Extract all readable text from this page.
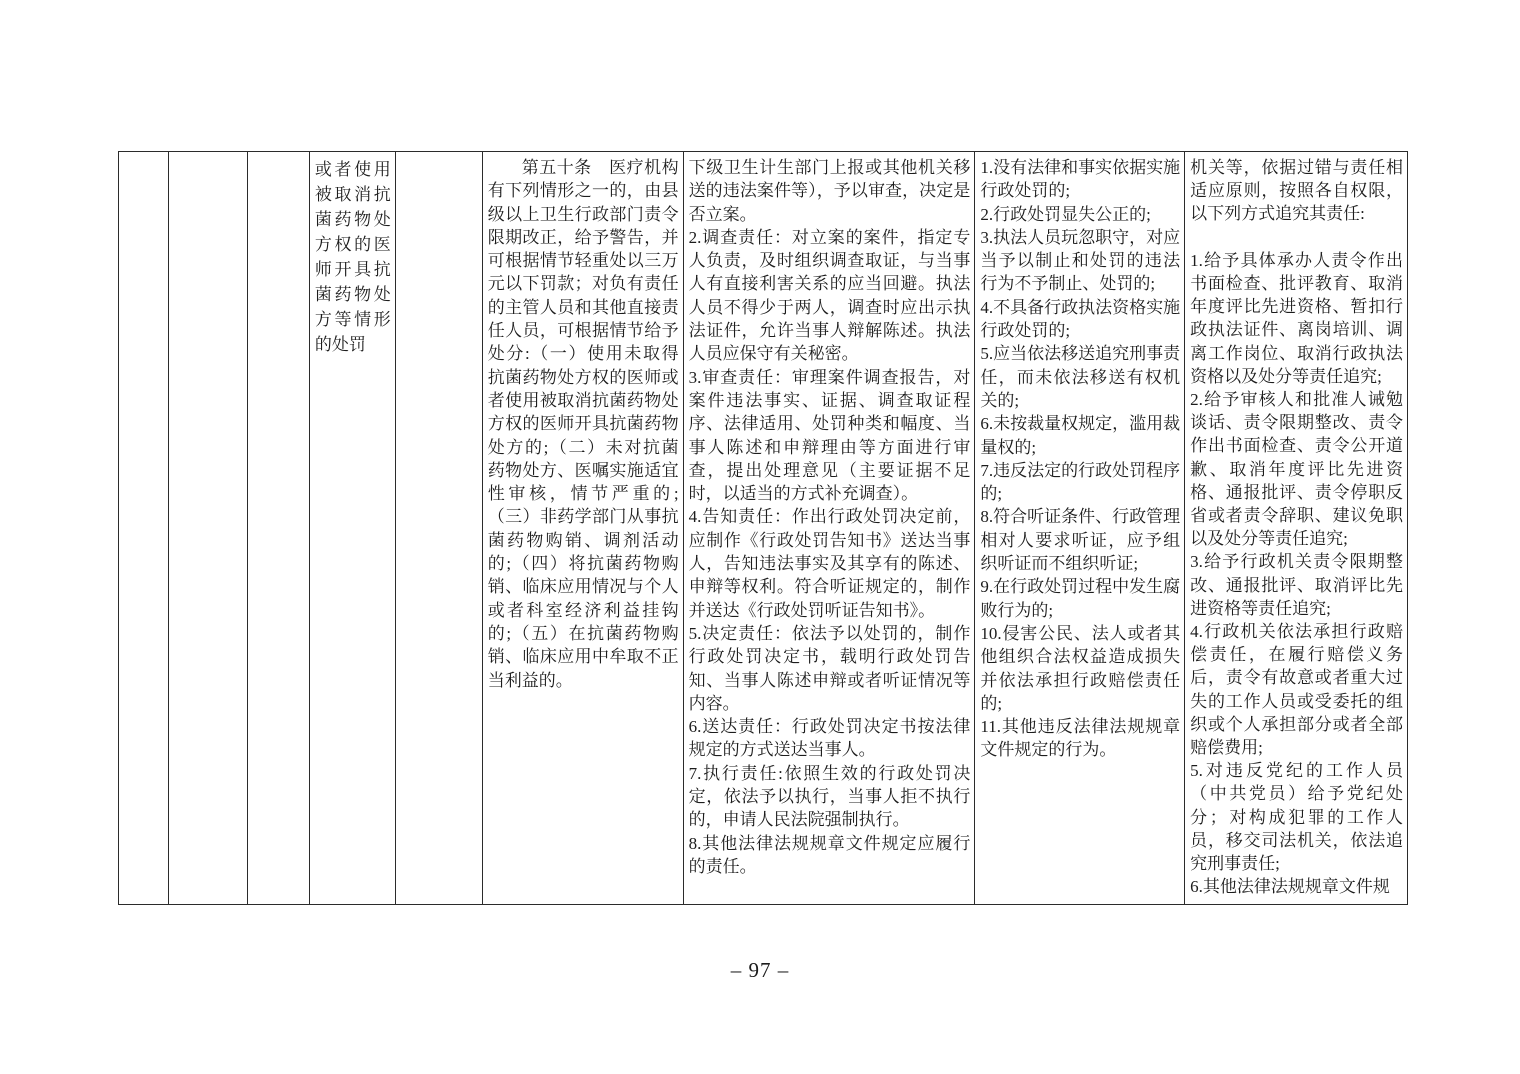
或者使用被取消抗菌药物处方权的医师开具抗菌药物处方等情形的处罚

第五十条　医疗机构有下列情形之一的，由县级以上卫生行政部门责令限期改正，给予警告，并可根据情节轻重处以三万元以下罚款；对负有责任的主管人员和其他直接责任人员，可根据情节给予处分:（一）使用未取得抗菌药物处方权的医师或者使用被取消抗菌药物处方权的医师开具抗菌药物处方的;（二）未对抗菌药物处方、医嘱实施适宜性审核，情节严重的;（三）非药学部门从事抗菌药物购销、调剂活动的;（四）将抗菌药物购销、临床应用情况与个人或者科室经济利益挂钩的;（五）在抗菌药物购销、临床应用中牟取不正当利益的。

下级卫生计生部门上报或其他机关移送的违法案件等），予以审查，决定是否立案。

2.调查责任：对立案的案件，指定专人负责，及时组织调查取证，与当事人有直接利害关系的应当回避。执法人员不得少于两人，调查时应出示执法证件，允许当事人辩解陈述。执法人员应保守有关秘密。

3.审查责任：审理案件调查报告，对案件违法事实、证据、调查取证程序、法律适用、处罚种类和幅度、当事人陈述和申辩理由等方面进行审查，提出处理意见（主要证据不足时，以适当的方式补充调查）。

4.告知责任：作出行政处罚决定前，应制作《行政处罚告知书》送达当事人，告知违法事实及其享有的陈述、申辩等权利。符合听证规定的，制作并送达《行政处罚听证告知书》。

5.决定责任：依法予以处罚的，制作行政处罚决定书，载明行政处罚告知、当事人陈述申辩或者听证情况等内容。

6.送达责任：行政处罚决定书按法律规定的方式送达当事人。

7.执行责任:依照生效的行政处罚决定，依法予以执行，当事人拒不执行的，申请人民法院强制执行。

8.其他法律法规规章文件规定应履行的责任。

1.没有法律和事实依据实施行政处罚的;

2.行政处罚显失公正的;

3.执法人员玩忽职守，对应当予以制止和处罚的违法行为不予制止、处罚的;

4.不具备行政执法资格实施行政处罚的;

5.应当依法移送追究刑事责任，而未依法移送有权机关的;

6.未按裁量权规定，滥用裁量权的;

7.违反法定的行政处罚程序的;

8.符合听证条件、行政管理相对人要求听证，应予组织听证而不组织听证;

9.在行政处罚过程中发生腐败行为的;

10.侵害公民、法人或者其他组织合法权益造成损失并依法承担行政赔偿责任的;

11.其他违反法律法规规章文件规定的行为。

机关等，依据过错与责任相适应原则，按照各自权限，以下列方式追究其责任:

1.给予具体承办人责令作出书面检查、批评教育、取消年度评比先进资格、暂扣行政执法证件、离岗培训、调离工作岗位、取消行政执法资格以及处分等责任追究;

2.给予审核人和批准人诫勉谈话、责令限期整改、责令作出书面检查、责令公开道歉、取消年度评比先进资格、通报批评、责令停职反省或者责令辞职、建议免职以及处分等责任追究;

3.给予行政机关责令限期整改、通报批评、取消评比先进资格等责任追究;

4.行政机关依法承担行政赔偿责任，在履行赔偿义务后，责令有故意或者重大过失的工作人员或受委托的组织或个人承担部分或者全部赔偿费用;

5.对违反党纪的工作人员（中共党员）给予党纪处分；对构成犯罪的工作人员，移交司法机关，依法追究刑事责任;

6.其他法律法规规章文件规

– 97 –
